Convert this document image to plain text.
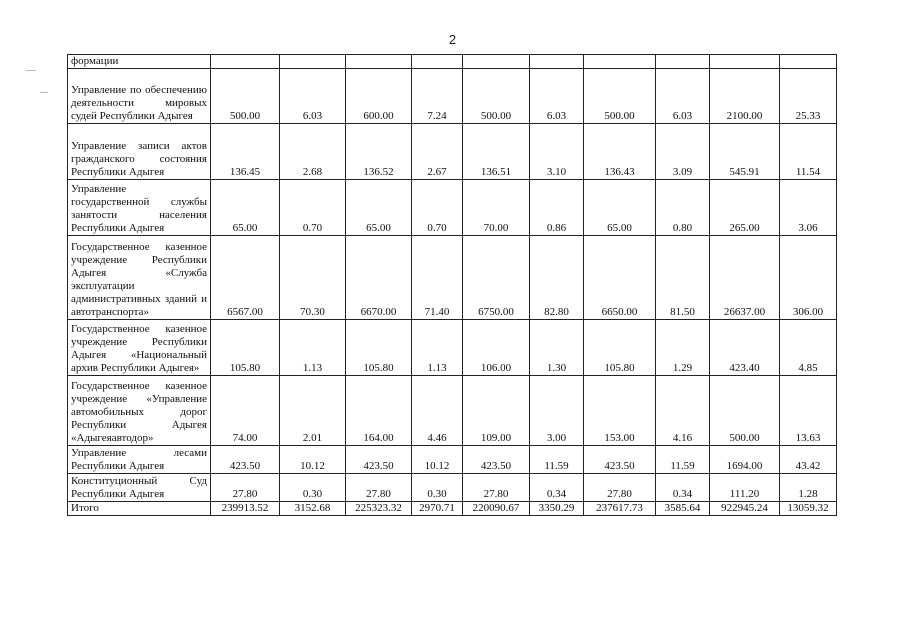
2
формации										
Управление по обеспечению деятельности мировых судей Республики Адыгея	500.00	6.03	600.00	7.24	500.00	6.03	500.00	6.03	2100.00	25.33
Управление записи актов гражданского состояния Республики Адыгея	136.45	2.68	136.52	2.67	136.51	3.10	136.43	3.09	545.91	11.54
Управление государственной службы занятости населения Республики Адыгея	65.00	0.70	65.00	0.70	70.00	0.86	65.00	0.80	265.00	3.06
Государственное казенное учреждение Республики Адыгея «Служба эксплуатации административных зданий и автотранспорта»	6567.00	70.30	6670.00	71.40	6750.00	82.80	6650.00	81.50	26637.00	306.00
Государственное казенное учреждение Республики Адыгея «Национальный архив Республики Адыгея»	105.80	1.13	105.80	1.13	106.00	1.30	105.80	1.29	423.40	4.85
Государственное казенное учреждение «Управление автомобильных дорог Республики Адыгея «Адыгеяавтодор»	74.00	2.01	164.00	4.46	109.00	3.00	153.00	4.16	500.00	13.63
Управление лесами Республики Адыгея	423.50	10.12	423.50	10.12	423.50	11.59	423.50	11.59	1694.00	43.42
Конституционный Суд Республики Адыгея	27.80	0.30	27.80	0.30	27.80	0.34	27.80	0.34	111.20	1.28
Итого	239913.52	3152.68	225323.32	2970.71	220090.67	3350.29	237617.73	3585.64	922945.24	13059.32
